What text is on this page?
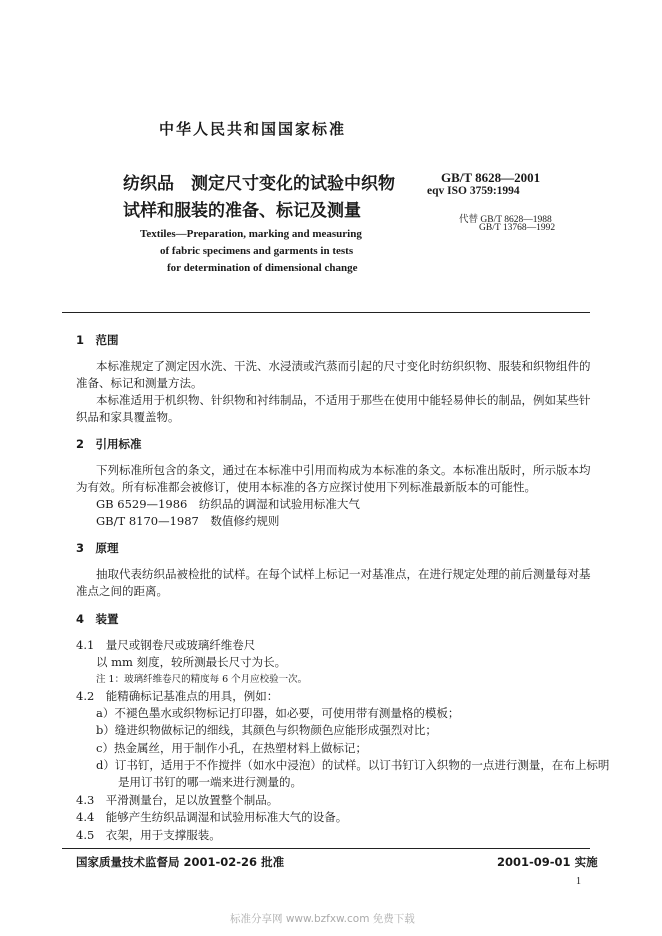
中华人民共和国国家标准
纺织品　测定尺寸变化的试验中织物
试样和服装的准备、标记及测量
GB/T 8628—2001
eqv ISO 3759:1994
代替 GB/T 8628—1988
GB/T 13768—1992
Textiles—Preparation, marking and measuring
of fabric specimens and garments in tests
for determination of dimensional change
1　范围
本标准规定了测定因水洗、干洗、水浸渍或汽蒸而引起的尺寸变化时纺织织物、服装和织物组件的
准备、标记和测量方法。
本标准适用于机织物、针织物和衬纬制品，不适用于那些在使用中能轻易伸长的制品，例如某些针
织品和家具覆盖物。
2　引用标准
下列标准所包含的条文，通过在本标准中引用而构成为本标准的条文。本标准出版时，所示版本均
为有效。所有标准都会被修订，使用本标准的各方应探讨使用下列标准最新版本的可能性。
GB 6529—1986　纺织品的调湿和试验用标准大气
GB/T 8170—1987　数值修约规则
3　原理
抽取代表纺织品被检批的试样。在每个试样上标记一对基准点，在进行规定处理的前后测量每对基
准点之间的距离。
4　装置
4.1　量尺或钢卷尺或玻璃纤维卷尺
以 mm 刻度，较所测最长尺寸为长。
注 1：玻璃纤维卷尺的精度每 6 个月应校验一次。
4.2　能精确标记基准点的用具，例如：
a）不褪色墨水或织物标记打印器，如必要，可使用带有测量格的模板；
b）缝进织物做标记的细线，其颜色与织物颜色应能形成强烈对比；
c）热金属丝，用于制作小孔，在热塑材料上做标记；
d）订书钉，适用于不作搅拌（如水中浸泡）的试样。以订书钉订入织物的一点进行测量，在布上标明
是用订书钉的哪一端来进行测量的。
4.3　平滑测量台，足以放置整个制品。
4.4　能够产生纺织品调湿和试验用标准大气的设备。
4.5　衣架，用于支撑服装。
国家质量技术监督局 2001-02-26 批准	2001-09-01 实施
1
标准分享网 www.bzfxw.com 免费下载
